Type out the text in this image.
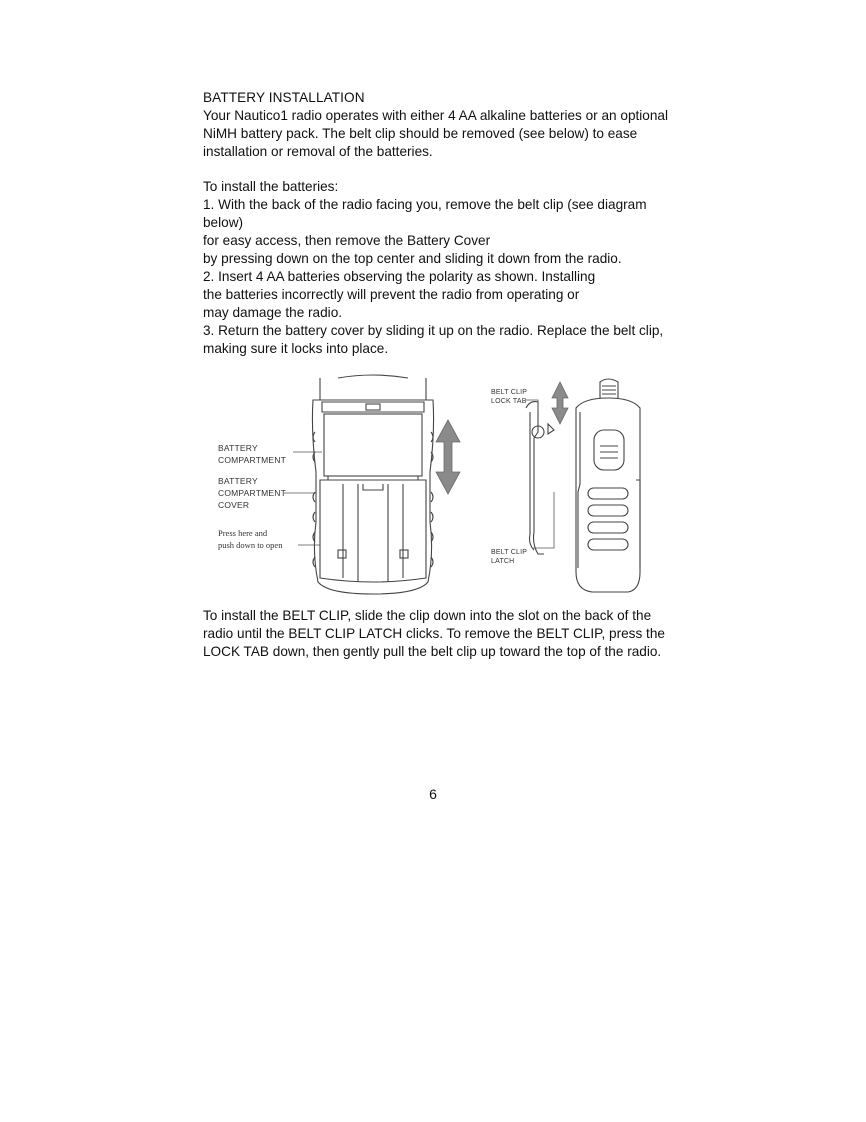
BATTERY INSTALLATION

Your Nautico1 radio operates with either 4 AA alkaline batteries or an optional

NiMH battery pack. The belt clip should be removed (see below) to ease

installation or removal of the batteries.

To install the batteries:

1. With the back of the radio facing you, remove the belt clip (see diagram below)

for easy access, then remove the Battery Cover

by pressing down on the top center and sliding it down from the radio.

2. Insert 4 AA batteries observing the polarity as shown. Installing

the batteries incorrectly will prevent the radio from operating or

may damage the radio.

3. Return the battery cover by sliding it up on the radio. Replace the belt clip,

making sure it locks into place.

BATTERY
COMPARTMENT
BATTERY
COMPARTMENT
COVER
Press here and
push down to open
BELT CLIP
LOCK TAB
BELT CLIP
LATCH

To install the BELT CLIP, slide the clip down into the slot on the back of the

radio until the BELT CLIP LATCH clicks. To remove the BELT CLIP, press the

LOCK TAB down, then gently pull the belt clip up toward the top of the radio.

6
